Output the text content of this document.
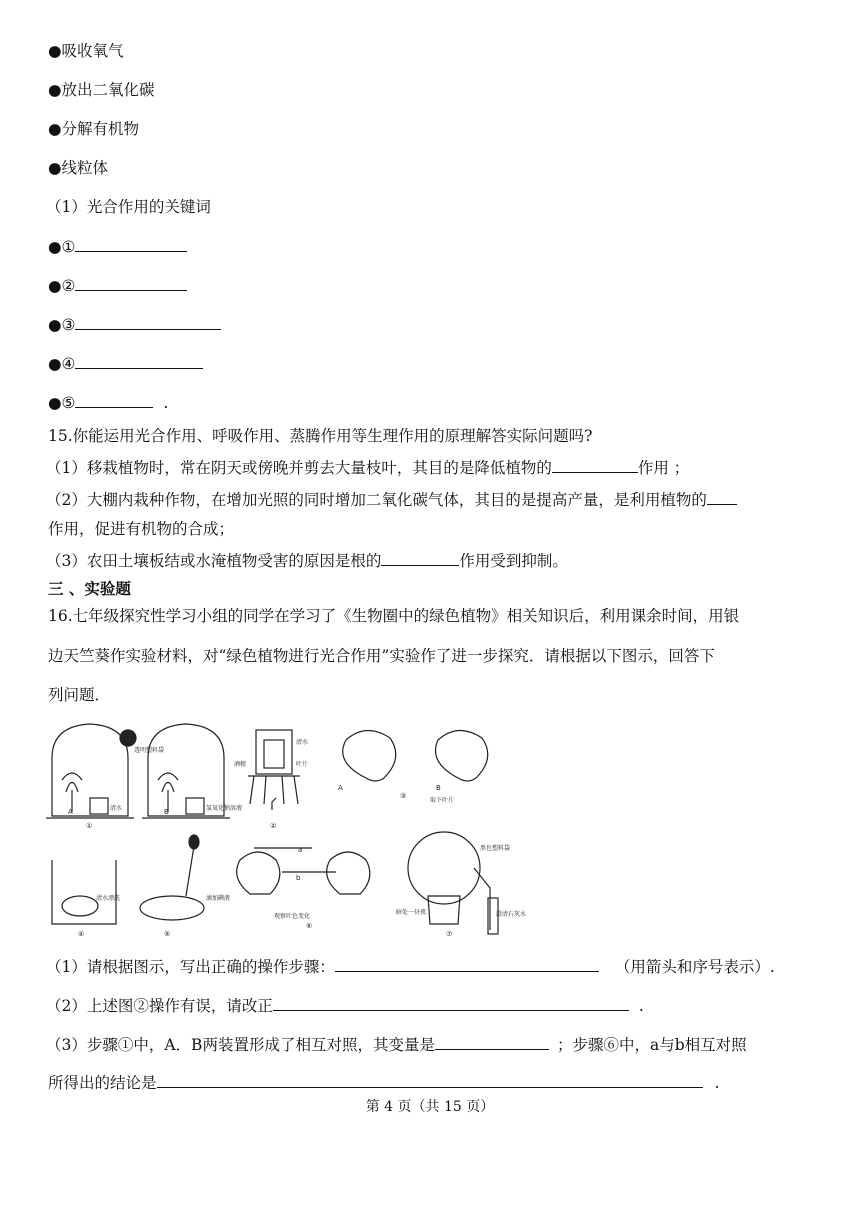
●吸收氧气
●放出二氧化碳
●分解有机物
●线粒体
（1）光合作用的关键词
●①
●②
●③
●④
●⑤	.
15.你能运用光合作用、呼吸作用、蒸腾作用等生理作用的原理解答实际问题吗?
（1）移栽植物时，常在阴天或傍晚并剪去大量枝叶，其目的是降低植物的	作用 ；
（2）大棚内栽种作物，在增加光照的同时增加二氧化碳气体，其目的是提高产量，是利用植物的
作用，促进有机物的合成；
（3）农田土壤板结或水淹植物受害的原因是根的	作用受到抑制。
三 、实验题
16.七年级探究性学习小组的同学在学习了《生物圈中的绿色植物》相关知识后，利用课余时间，用银
边天竺葵作实验材料，对“绿色植物进行光合作用”实验作了进一步探究．请根据以下图示，回答下
列问题．
透明塑料袋
清水	氢氧化钠溶液
清水
酒精	叶片
取下叶片
黑色塑料袋
清水漂洗	滴加碘液
观察叶色变化	澄清石灰水
暗处一昼夜
A	B
A	B
a
b
①	②
③
④	⑤
⑥
⑦
（1）请根据图示，写出正确的操作步骤：	（用箭头和序号表示）.
（2）上述图②操作有误，请改正	.
（3）步骤①中，A．B两装置形成了相互对照，其变量是	；步骤⑥中，a与b相互对照
所得出的结论是	.
第 4 页（共 15 页）
